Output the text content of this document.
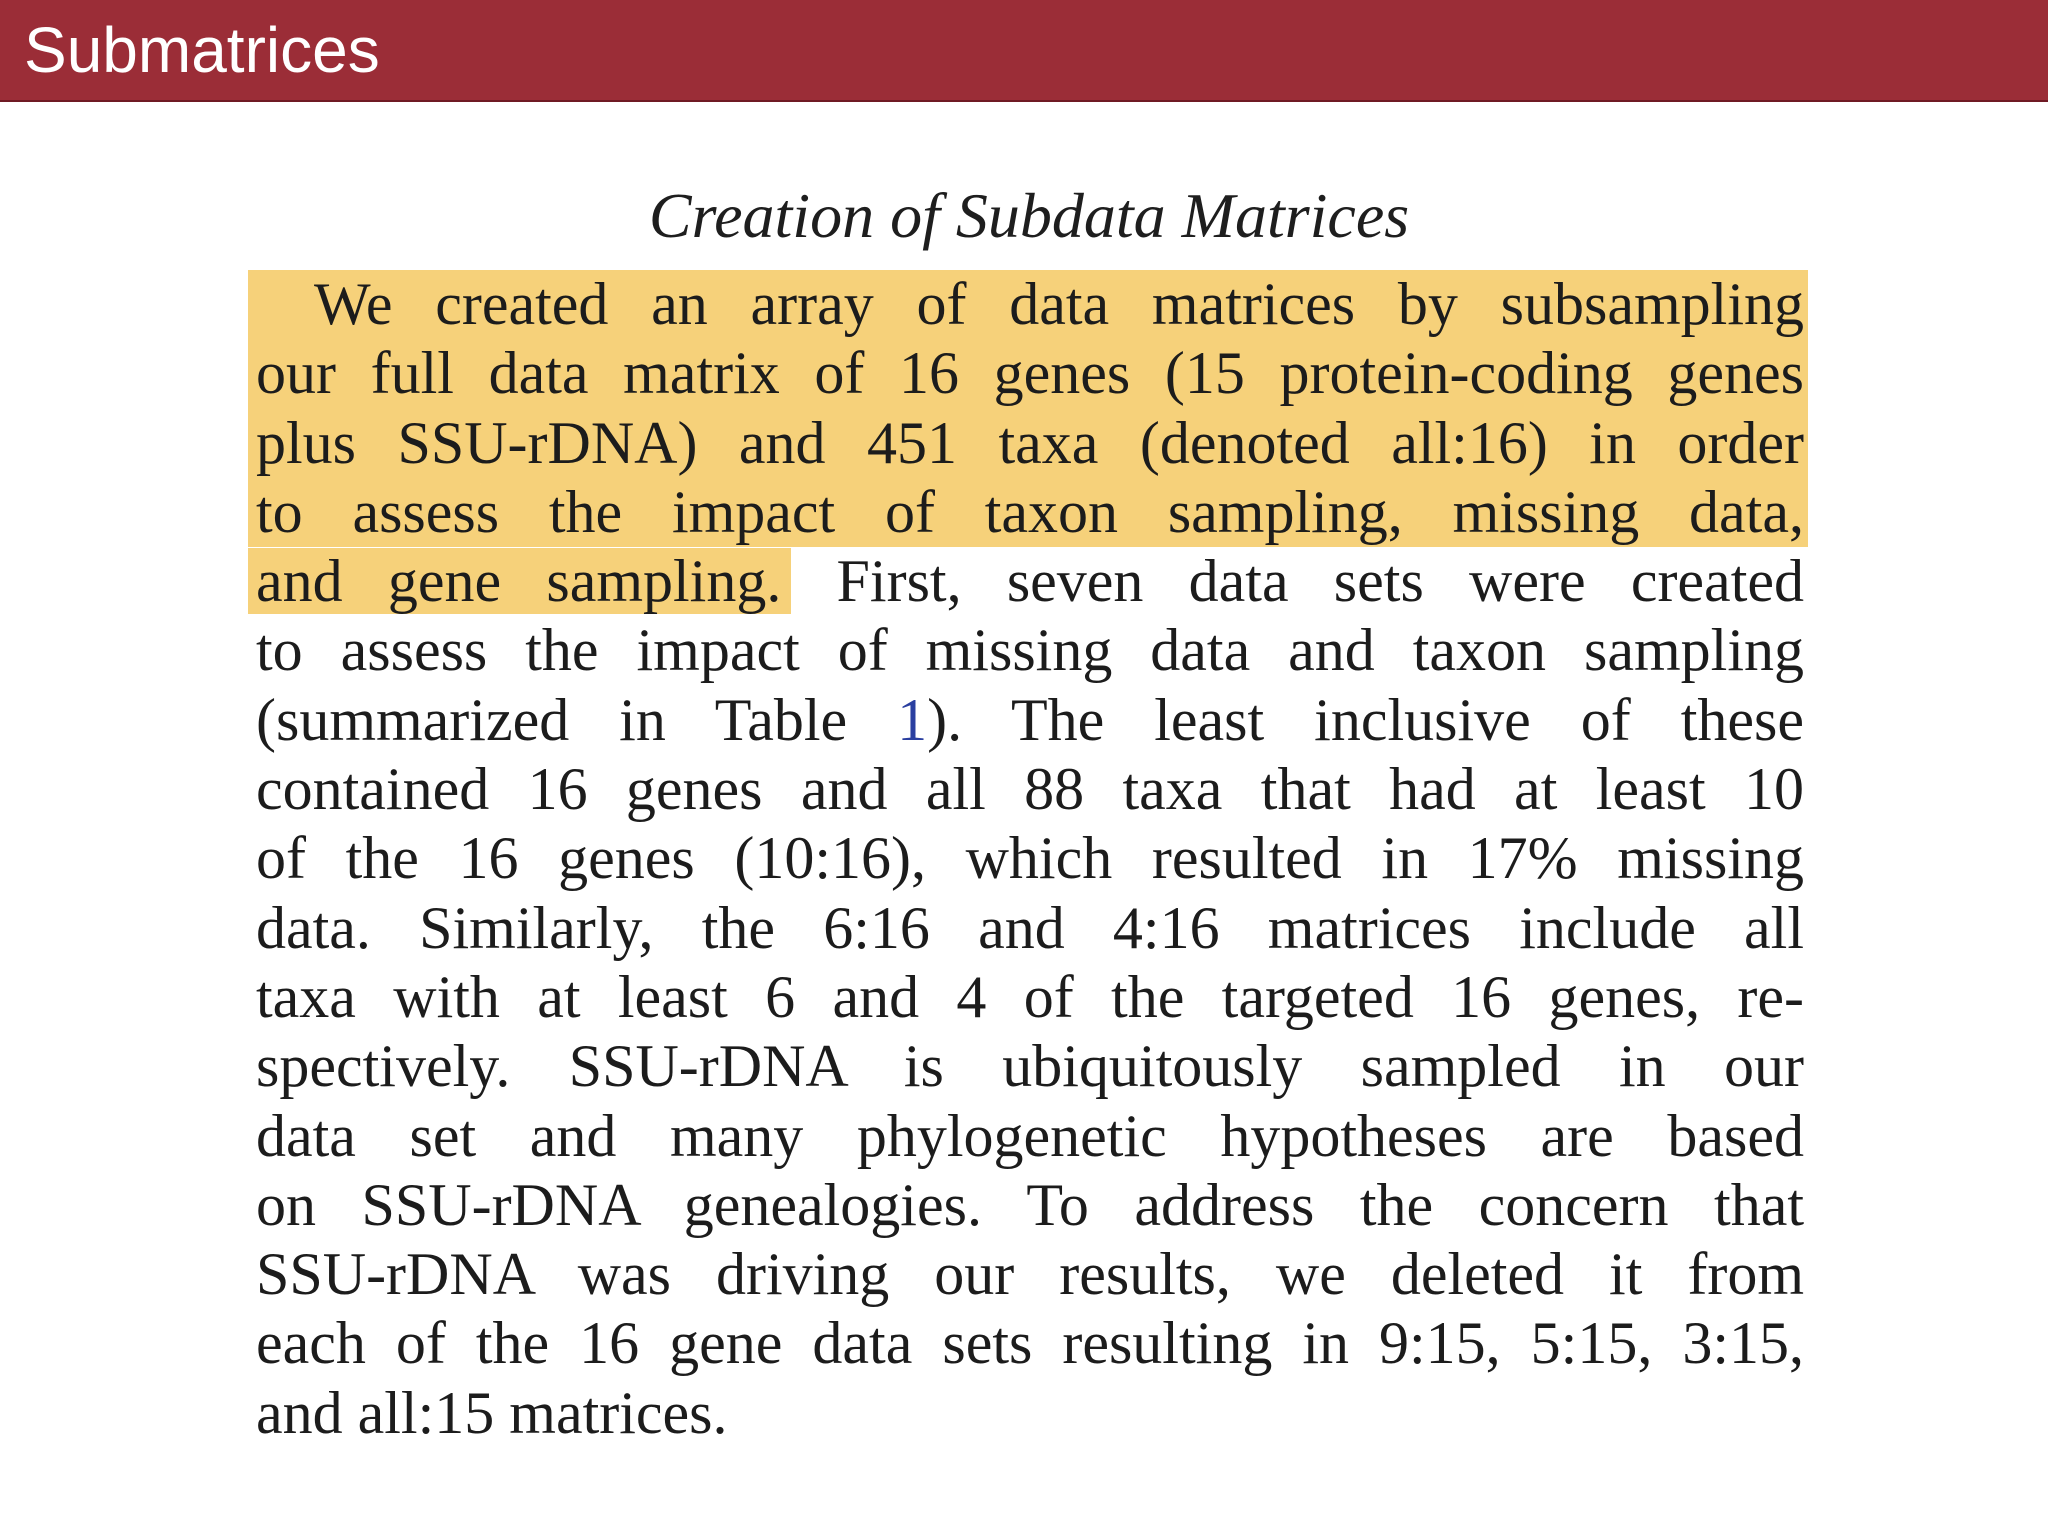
Submatrices
Creation of Subdata Matrices
We created an array of data matrices by subsampling
our full data matrix of 16 genes (15 protein-coding genes
plus SSU-rDNA) and 451 taxa (denoted all:16) in order
to assess the impact of taxon sampling, missing data,
and gene sampling. First, seven data sets were created
to assess the impact of missing data and taxon sampling
(summarized in Table 1). The least inclusive of these
contained 16 genes and all 88 taxa that had at least 10
of the 16 genes (10:16), which resulted in 17% missing
data. Similarly, the 6:16 and 4:16 matrices include all
taxa with at least 6 and 4 of the targeted 16 genes, re-
spectively. SSU-rDNA is ubiquitously sampled in our
data set and many phylogenetic hypotheses are based
on SSU-rDNA genealogies. To address the concern that
SSU-rDNA was driving our results, we deleted it from
each of the 16 gene data sets resulting in 9:15, 5:15, 3:15,
and all:15 matrices.
